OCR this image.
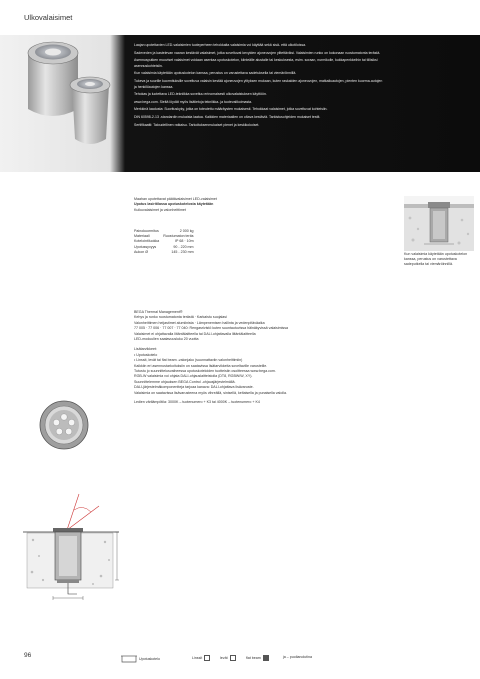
Ulkovalaisimet

Laajan upotettavien LED-valaisimien tuoteperheen tehokkaita valaisimia voi käyttää sekä sisä- että ulkotiloissa.

Sadeveden ja kastelevan vaaran kestävät valaisimet, jotka soveltuvat kevyiden ajoneuvojen ylitettäviksi. Valaisimien runko on kokonaan ruostumatonta terästä.

Asennusputken muoviset valaisimet voidaan asentaa upotuskotelon, kiinteälle alustalle tai keskuksesta, esim. soraan, nurmikolle, kukkapenkkeihin tai tiilisiksi asennuskohteisiin.

Kun valaisimia käytetään upotuskotelon kanssa, perustus on varustettava sadetuksella tai viemäröinnillä.

Tukeva ja suurille kuormituksille soveltuva valaisin kestää ajoneuvojen ylityksen mukaan, kuten raskaiden ajoneuvojen, matkailuautojen, pienten kuorma-autojen ja henkilöautojen kanssa.

Tehokas ja luotettava LED-tekniikka soveltuu erinomaisesti ulkovalaistuksen käyttöön.

www.bega.com. Sieltä löydät myös lisätietoja tekniikka- ja tuotevalikoimasta.

Merkkinä laadusta: Suorituskyky, jotka on toteutettu määräysten mukaisesti. Tehokkaat valaisimet, jotka soveltuvat kohteisiin.

DIN 60598-2-13 -standardin mukaista laatua. Kaikkien materiaalien on oltava kestäviä. Tarkistusohjeiden mukaiset testit.

Sertifikaatti: Taloudellinen ratkaisu. Tarkoituksenmukaiset pienet ja keskikokoiset.

Maahan upotettavat päätävalaisimet LED-valaisimet
Upotus lasiritilassa upotuskotelosta käytetään
Kuikuvalaisimet ja valonheittimet
Painokuormitus	2 000 kg
Materiaali	Ruostumaton teräs
Kotelointiluokka	IP 68 · 10m
Upotussyvyys	90 - 220 mm
Aukon Ø	145 - 230 mm
Kun valaisimia käytetään upotuskotelon kanssa, perustus on varustettava sadeputkella tai viemäröinnillä.
BEGA Thermal Management®
Kehys ja runko ruostumatonta terästä · Karkaistu suojalasi
Valonheittimen heijastimet alumiinista · Lämpenemisen hallinta ja vedenpitäväaika
77 005 · 77 006 · 77 007 · 77 040: Rengasrivistö kuten suuntautuvissa hälnäkyvissä valaisimissa
Valaisimet ei ohjattavalla liitäntälaitteella tai DALI-ohjattavalla liitäntälaitteella
LED-moduulien saatavuusluku 20 vuotta
Lisätarvikkeet:
• Upotuskotelo
• Linssit, levät tai flat beam -valonjako (suunnattaviin valonheittimiin)
Kaikkiin eri asennustarkoituksiin on saatavissa lisätarvikkeita soveltaville varusteille.
Tutustu jo suunnittelusvaiheessa upotuskoteloiden tuotteisiin osoitteessa www.bega.com.
RGB-W valaisimia voi ohjata DALI-ohjauslaitteistolla (DT8, RGBW/W, XY).
Suunnittelemme ohjauksen BEGA Control -ohjausjärjestelmällä.
DALI-järjestelmäkomponentteja tarjoaa kanava: DALI-ohjattava lisävaruste.
Valaisimia on saatavissa lisävarusteena myös vihreällä, sinisellä, keltaisella ja punaisella valolla.
Ledien värilämpötila: 3000K – tuotenumero + K3 tai 4000K – tuotenumero + K4
96	Upotuskotelo	Linssit	levät	flat beam	ja – puolianolutina
